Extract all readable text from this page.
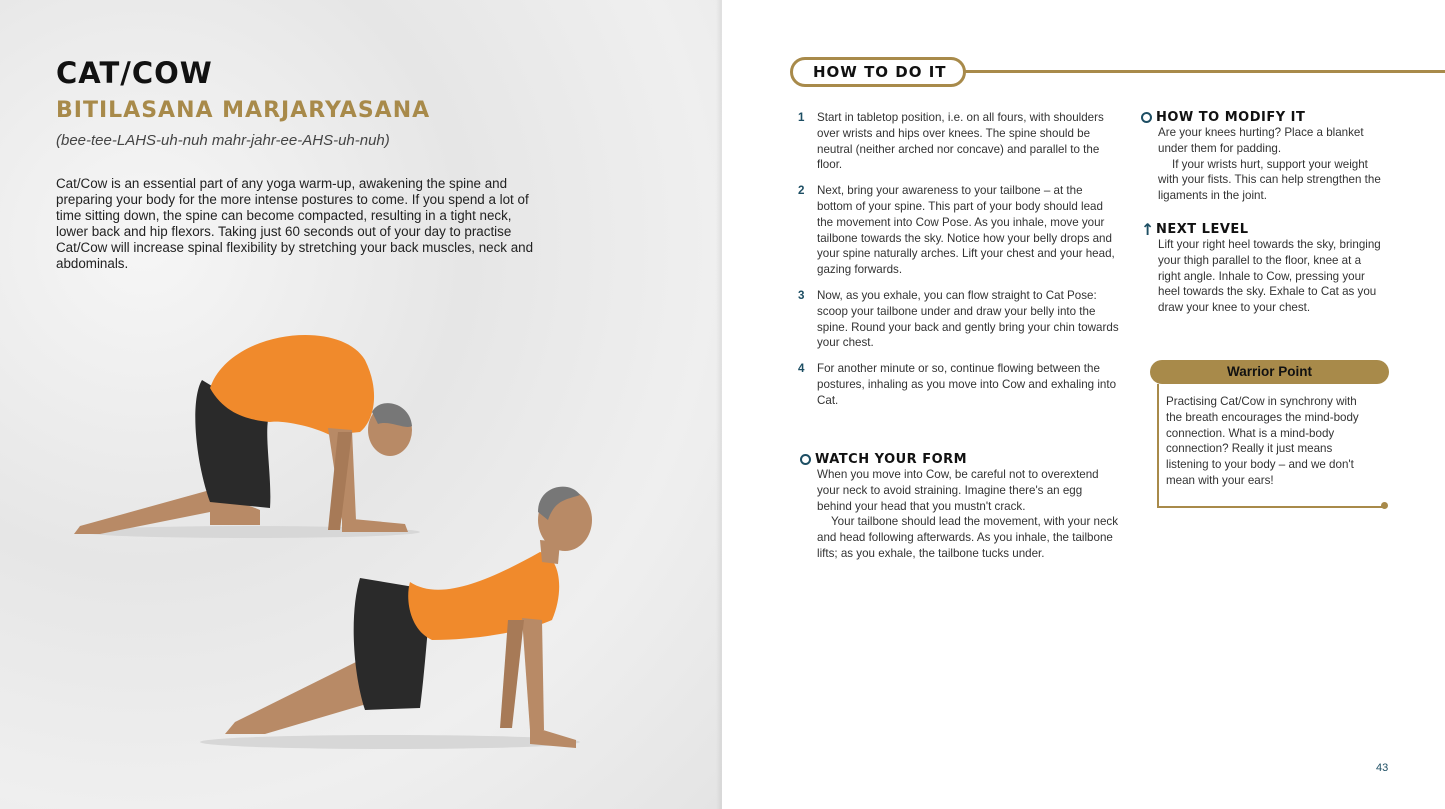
CAT/COW
BITILASANA MARJARYASANA
(bee-tee-LAHS-uh-nuh mahr-jahr-ee-AHS-uh-nuh)
Cat/Cow is an essential part of any yoga warm-up, awakening the spine and preparing your body for the more intense postures to come. If you spend a lot of time sitting down, the spine can become compacted, resulting in a tight neck, lower back and hip flexors. Taking just 60 seconds out of your day to practise Cat/Cow will increase spinal flexibility by stretching your back muscles, neck and abdominals.
HOW TO DO IT
1	Start in tabletop position, i.e. on all fours, with shoulders over wrists and hips over knees. The spine should be neutral (neither arched nor concave) and parallel to the floor.
2	Next, bring your awareness to your tailbone – at the bottom of your spine. This part of your body should lead the movement into Cow Pose. As you inhale, move your tailbone towards the sky. Notice how your belly drops and your spine naturally arches. Lift your chest and your head, gazing forwards.
3	Now, as you exhale, you can flow straight to Cat Pose: scoop your tailbone under and draw your belly into the spine. Round your back and gently bring your chin towards your chest.
4	For another minute or so, continue flowing between the postures, inhaling as you move into Cow and exhaling into Cat.
WATCH YOUR FORM

When you move into Cow, be careful not to overextend your neck to avoid straining. Imagine there's an egg behind your head that you mustn't crack.

Your tailbone should lead the movement, with your neck and head following afterwards. As you inhale, the tailbone lifts; as you exhale, the tailbone tucks under.

HOW TO MODIFY IT

Are your knees hurting? Place a blanket under them for padding.

If your wrists hurt, support your weight with your fists. This can help strengthen the ligaments in the joint.

↑ NEXT LEVEL

Lift your right heel towards the sky, bringing your thigh parallel to the floor, knee at a right angle. Inhale to Cow, pressing your heel towards the sky. Exhale to Cat as you draw your knee to your chest.

Warrior Point
Practising Cat/Cow in synchrony with the breath encourages the mind-body connection. What is a mind-body connection? Really it just means listening to your body – and we don't mean with your ears!
43
